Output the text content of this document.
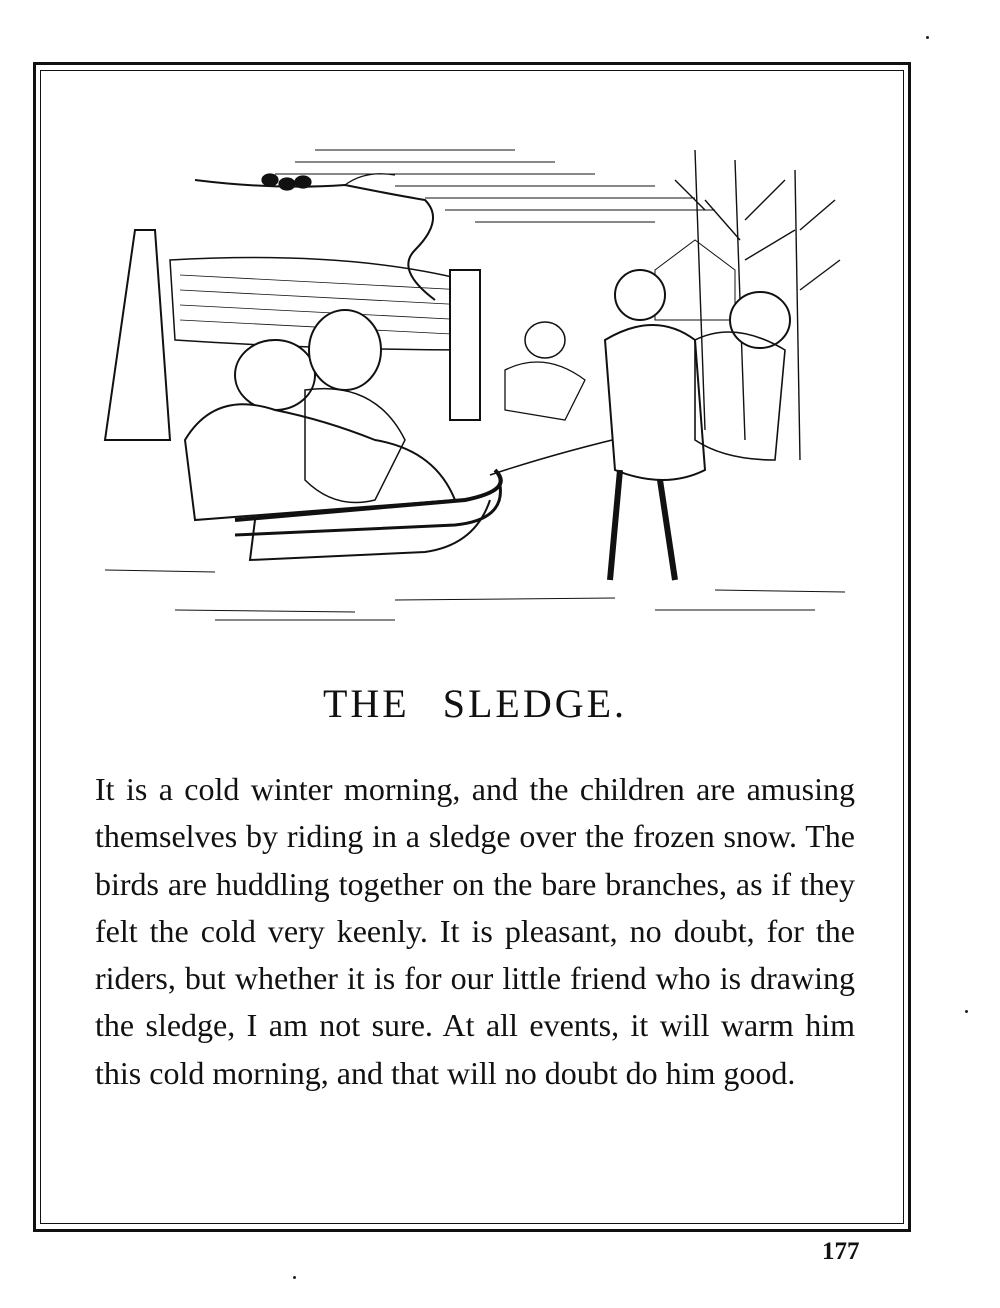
THE SLEDGE.

It is a cold winter morning, and the children are amusing themselves by riding in a sledge over the frozen snow. The birds are huddling together on the bare branches, as if they felt the cold very keenly. It is pleasant, no doubt, for the riders, but whether it is for our little friend who is drawing the sledge, I am not sure. At all events, it will warm him this cold morning, and that will no doubt do him good.

177
